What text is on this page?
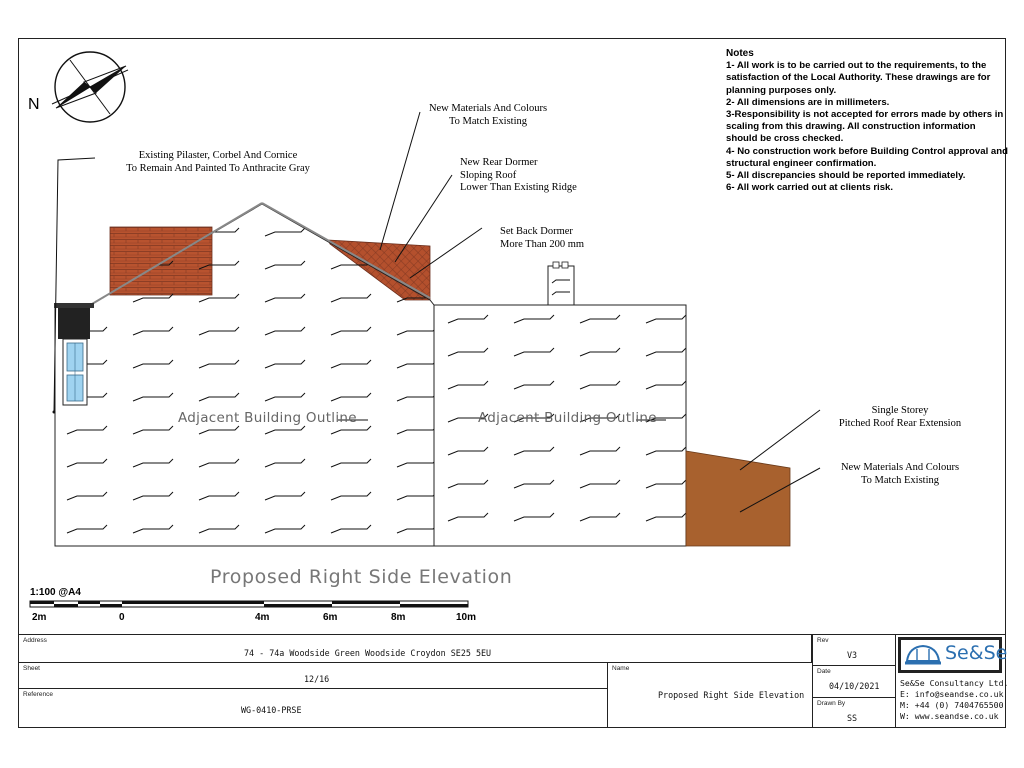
Notes
1- All work is to be carried out to the requirements, to the satisfaction of the Local Authority. These drawings are for planning purposes only.
2- All dimensions are in millimeters.
3-Responsibility is not accepted for errors made by others in scaling from this drawing. All construction information should be cross checked.
4- No construction work before Building Control approval and structural engineer confirmation.
5- All discrepancies should be reported immediately.
6- All work carried out at clients risk.
N
Existing Pilaster, Corbel And Cornice
To Remain And Painted To Anthracite Gray
New Materials And Colours
To Match Existing
New Rear Dormer
Sloping Roof
Lower Than Existing Ridge
Set Back Dormer
More Than 200 mm
Single Storey
Pitched Roof Rear Extension
New Materials And Colours
To Match Existing
Adjacent Building Outline	Adjacent Building Outline
Proposed Right Side Elevation
1:100 @A4
2m	0	4m	6m	8m	10m
Address
74 - 74a Woodside Green Woodside Croydon SE25 5EU
Sheet
12/16
Reference
WG-0410-PRSE
Name
Proposed Right Side Elevation
Rev
V3
Date
04/10/2021
Drawn By
SS
Se&Se
Se&Se Consultancy Ltd.
E: info@seandse.co.uk
M: +44 (0) 7404765500
W: www.seandse.co.uk
